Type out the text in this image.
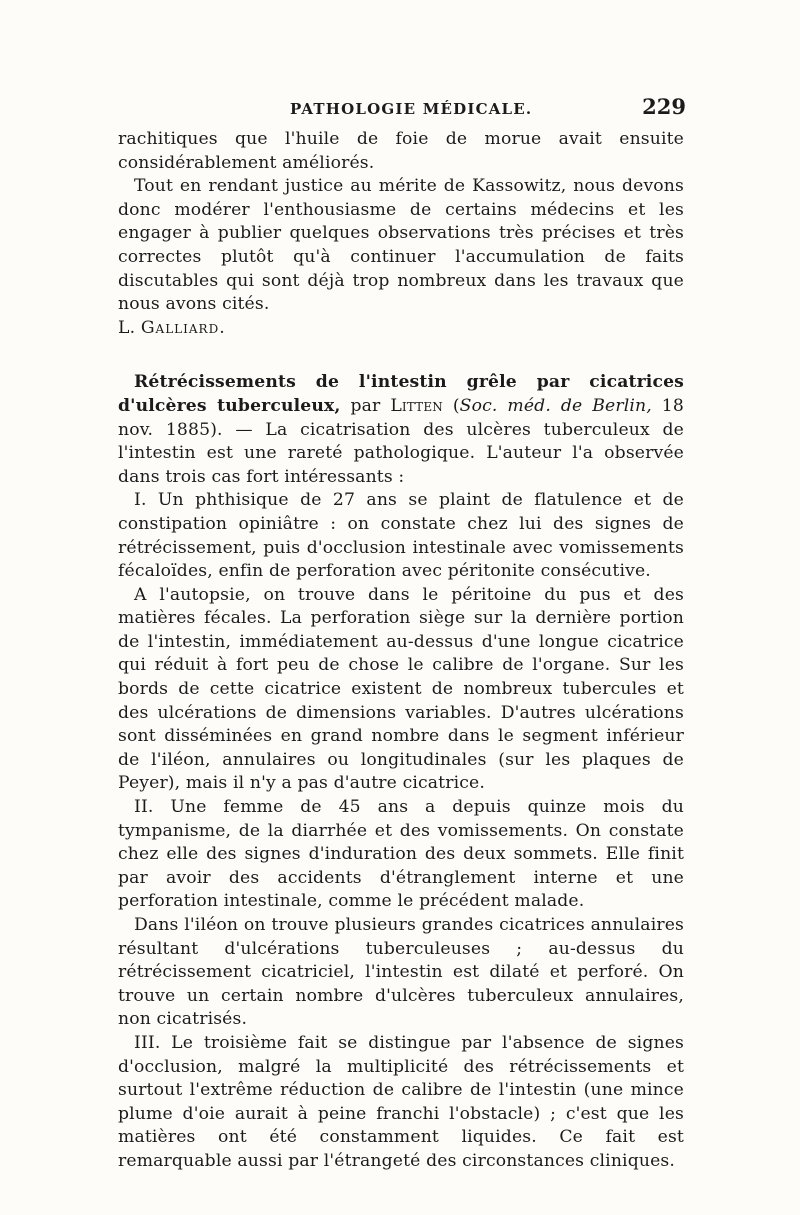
PATHOLOGIE MÉDICALE.	229

rachitiques que l'huile de foie de morue avait ensuite considérablement améliorés.

Tout en rendant justice au mérite de Kassowitz, nous devons donc modérer l'enthousiasme de certains médecins et les engager à publier quelques observations très précises et très correctes plutôt qu'à continuer l'accumulation de faits discutables qui sont déjà trop nombreux dans les travaux que nous avons cités.

L. Galliard.

Rétrécissements de l'intestin grêle par cicatrices d'ulcères tuberculeux, par Litten (Soc. méd. de Berlin, 18 nov. 1885). — La cicatrisation des ulcères tuberculeux de l'intestin est une rareté pathologique. L'auteur l'a observée dans trois cas fort intéressants :

I. Un phthisique de 27 ans se plaint de flatulence et de constipation opiniâtre : on constate chez lui des signes de rétrécissement, puis d'occlusion intestinale avec vomissements fécaloïdes, enfin de perforation avec péritonite consécutive.

A l'autopsie, on trouve dans le péritoine du pus et des matières fécales. La perforation siège sur la dernière portion de l'intestin, immédiatement au-dessus d'une longue cicatrice qui réduit à fort peu de chose le calibre de l'organe. Sur les bords de cette cicatrice existent de nombreux tubercules et des ulcérations de dimensions variables. D'autres ulcérations sont disséminées en grand nombre dans le segment inférieur de l'iléon, annulaires ou longitudinales (sur les plaques de Peyer), mais il n'y a pas d'autre cicatrice.

II. Une femme de 45 ans a depuis quinze mois du tympanisme, de la diarrhée et des vomissements. On constate chez elle des signes d'induration des deux sommets. Elle finit par avoir des accidents d'étranglement interne et une perforation intestinale, comme le précédent malade.

Dans l'iléon on trouve plusieurs grandes cicatrices annulaires résultant d'ulcérations tuberculeuses ; au-dessus du rétrécissement cicatriciel, l'intestin est dilaté et perforé. On trouve un certain nombre d'ulcères tuberculeux annulaires, non cicatrisés.

III. Le troisième fait se distingue par l'absence de signes d'occlusion, malgré la multiplicité des rétrécissements et surtout l'extrême réduction de calibre de l'intestin (une mince plume d'oie aurait à peine franchi l'obstacle) ; c'est que les matières ont été constamment liquides. Ce fait est remarquable aussi par l'étrangeté des circonstances cliniques.
